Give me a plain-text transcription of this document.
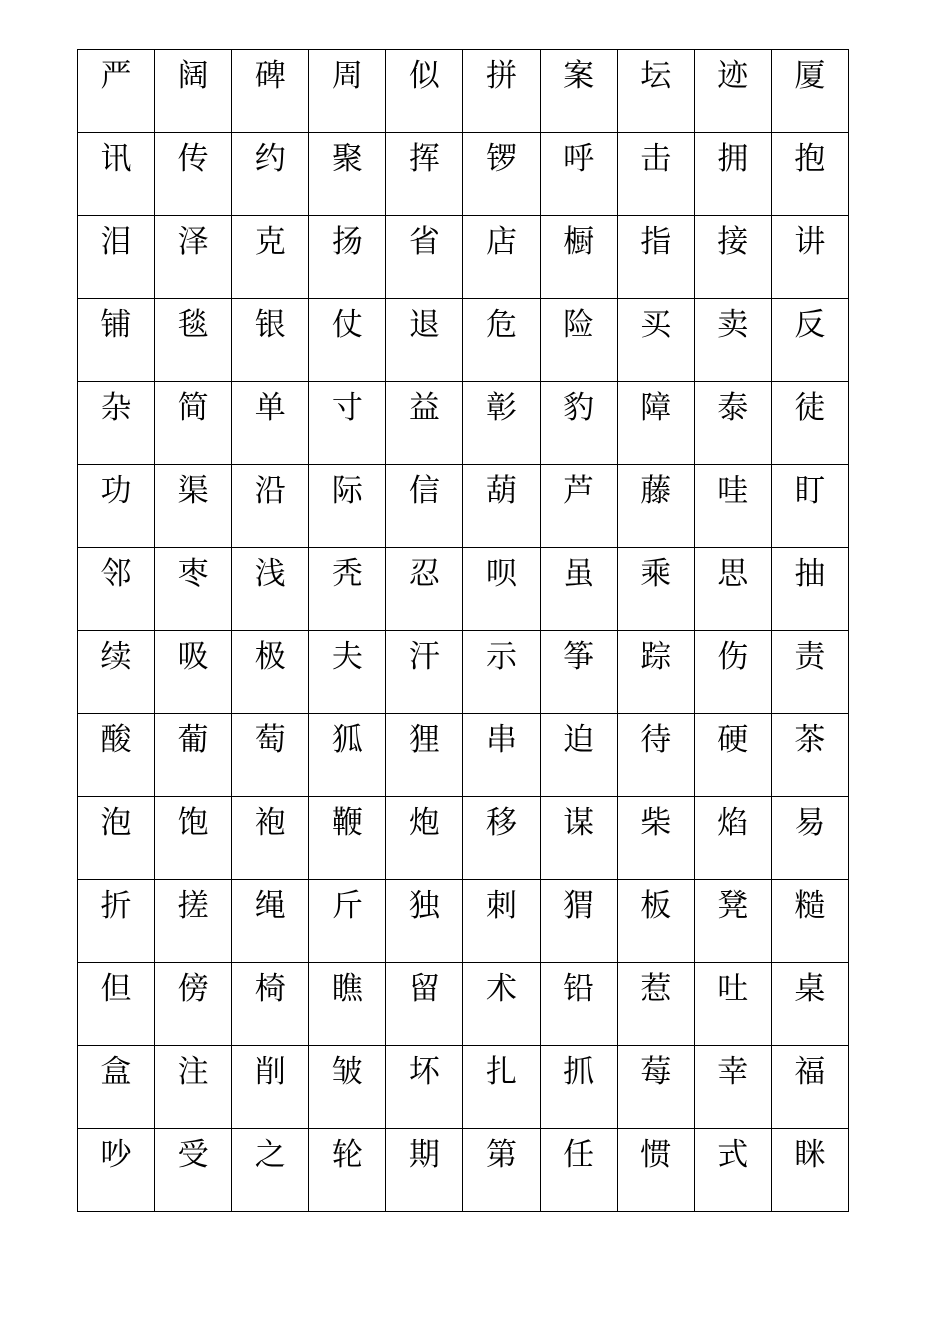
严	阔	碑	周	似	拼	案	坛	迹	厦

讯	传	约	聚	挥	锣	呼	击	拥	抱

泪	泽	克	扬	省	店	橱	指	接	讲

铺	毯	银	仗	退	危	险	买	卖	反

杂	简	单	寸	益	彰	豹	障	泰	徒

功	渠	沿	际	信	葫	芦	藤	哇	盯

邻	枣	浅	秃	忍	呗	虽	乘	思	抽

续	吸	极	夫	汗	示	筝	踪	伤	责

酸	葡	萄	狐	狸	串	迫	待	硬	茶

泡	饱	袍	鞭	炮	移	谋	柴	焰	易

折	搓	绳	斤	独	刺	猬	板	凳	糙

但	傍	椅	瞧	留	术	铅	惹	吐	桌

盒	注	削	皱	坏	扎	抓	莓	幸	福

吵	受	之	轮	期	第	任	惯	式	眯
